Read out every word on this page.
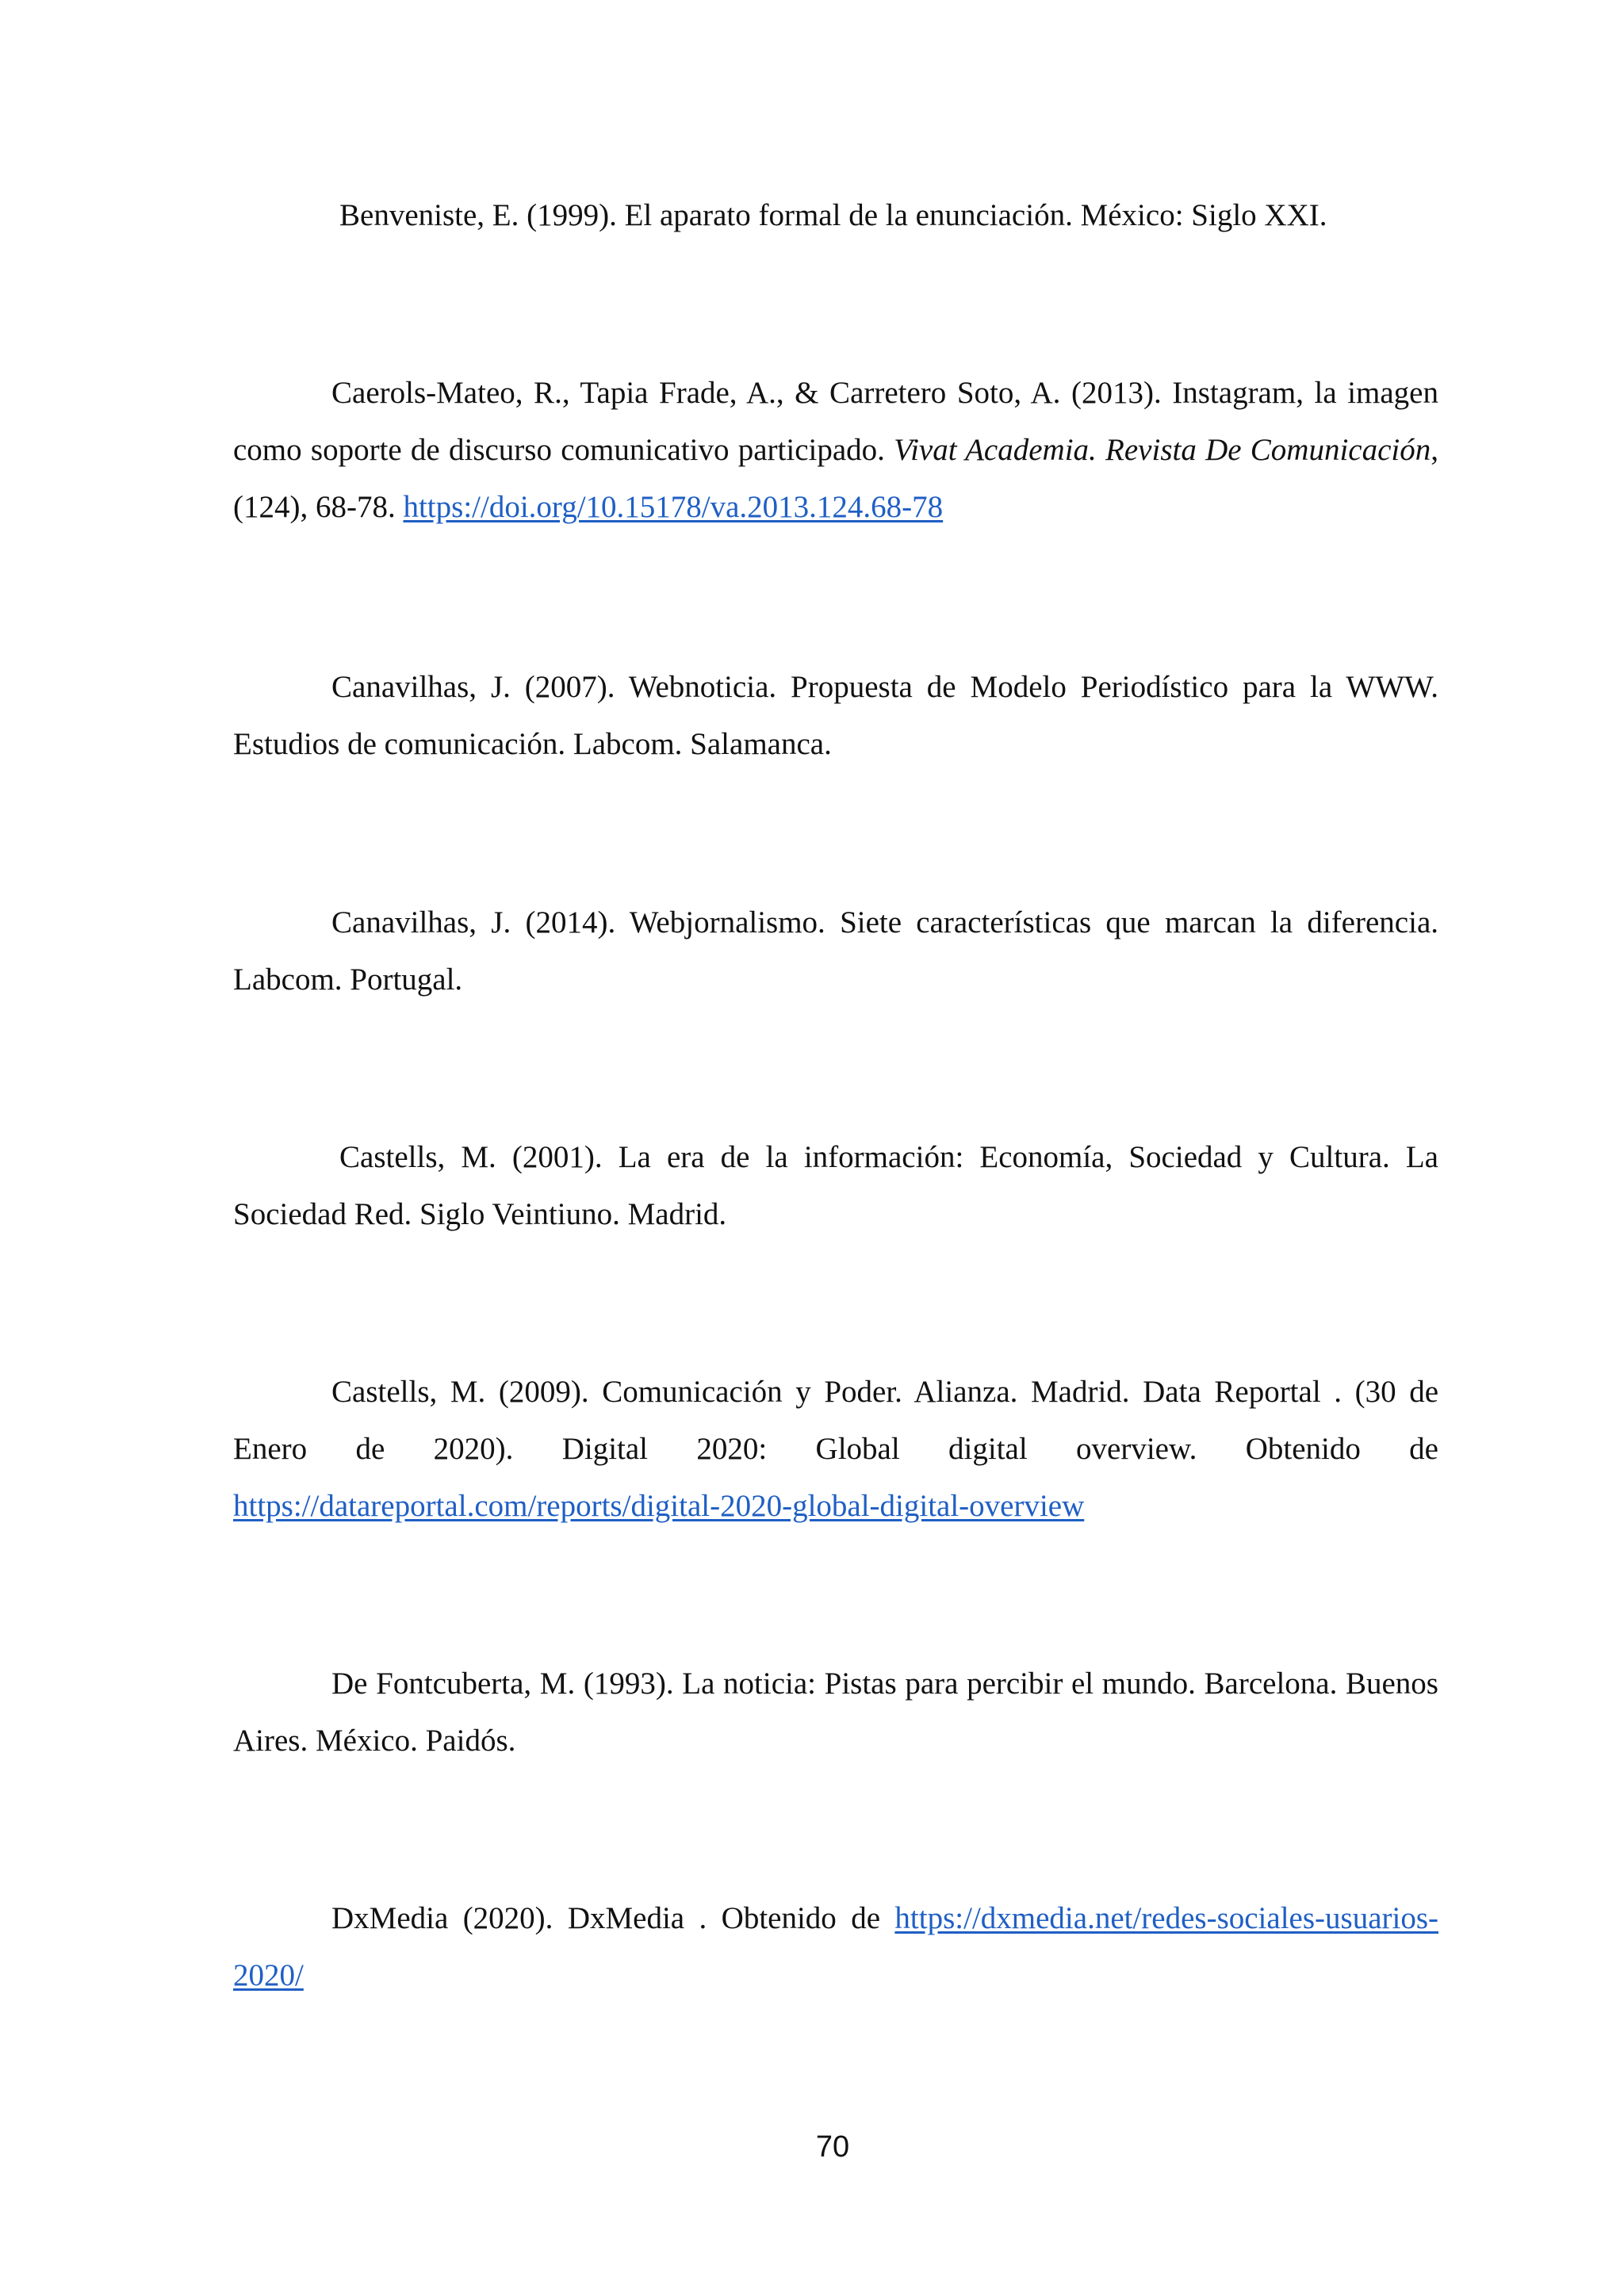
Benveniste, E. (1999). El aparato formal de la enunciación. México: Siglo XXI.

Caerols-Mateo, R., Tapia Frade, A., & Carretero Soto, A. (2013). Instagram, la imagen como soporte de discurso comunicativo participado. Vivat Academia. Revista De Comunicación, (124), 68-78. https://doi.org/10.15178/va.2013.124.68-78

Canavilhas, J. (2007). Webnoticia. Propuesta de Modelo Periodístico para la WWW. Estudios de comunicación. Labcom. Salamanca.

Canavilhas, J. (2014). Webjornalismo. Siete características que marcan la diferencia. Labcom. Portugal.

Castells, M. (2001). La era de la información: Economía, Sociedad y Cultura. La Sociedad Red. Siglo Veintiuno. Madrid.

Castells, M. (2009). Comunicación y Poder. Alianza. Madrid. Data Reportal . (30 de Enero de 2020). Digital 2020: Global digital overview. Obtenido de https://datareportal.com/reports/digital-2020-global-digital-overview

De Fontcuberta, M. (1993). La noticia: Pistas para percibir el mundo. Barcelona. Buenos Aires. México. Paidós.

DxMedia (2020). DxMedia . Obtenido de https://dxmedia.net/redes-sociales-usuarios-2020/

70
